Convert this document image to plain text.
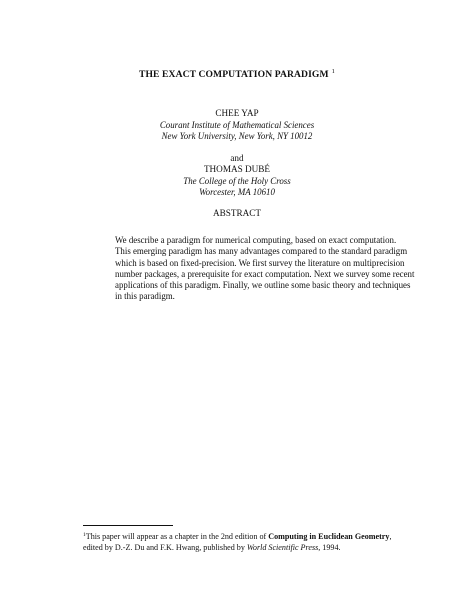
THE EXACT COMPUTATION PARADIGM $^1$
CHEE YAP
Courant Institute of Mathematical Sciences
New York University, New York, NY 10012
and
THOMAS DUBÉ
The College of the Holy Cross
Worcester, MA 10610
ABSTRACT
We describe a paradigm for numerical computing, based on exact computation.
This emerging paradigm has many advantages compared to the standard paradigm
which is based on fixed-precision. We first survey the literature on multiprecision
number packages, a prerequisite for exact computation. Next we survey some recent
applications of this paradigm. Finally, we outline some basic theory and techniques
in this paradigm.
$^1$This paper will appear as a chapter in the 2nd edition of Computing in Euclidean Geometry,
edited by D.-Z. Du and F.K. Hwang, published by World Scientific Press, 1994.
